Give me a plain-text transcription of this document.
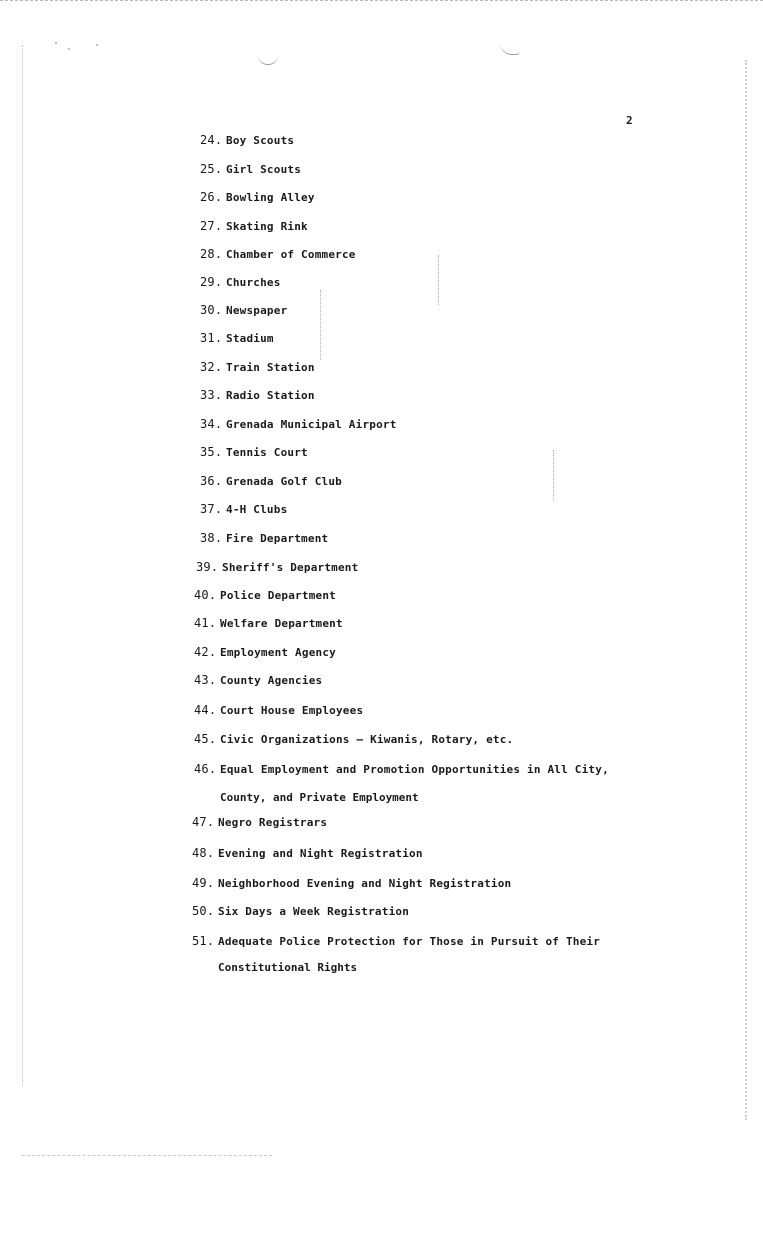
2
24. Boy Scouts
25. Girl Scouts
26. Bowling Alley
27. Skating Rink
28. Chamber of Commerce
29. Churches
30. Newspaper
31. Stadium
32. Train Station
33. Radio Station
34. Grenada Municipal Airport
35. Tennis Court
36. Grenada Golf Club
37. 4-H Clubs
38. Fire Department
39. Sheriff's Department
40. Police Department
41. Welfare Department
42. Employment Agency
43. County Agencies
44. Court House Employees
45. Civic Organizations — Kiwanis, Rotary, etc.
46. Equal Employment and Promotion Opportunities in All City,
County, and Private Employment
47. Negro Registrars
48. Evening and Night Registration
49. Neighborhood Evening and Night Registration
50. Six Days a Week Registration
51. Adequate Police Protection for Those in Pursuit of Their
Constitutional Rights
